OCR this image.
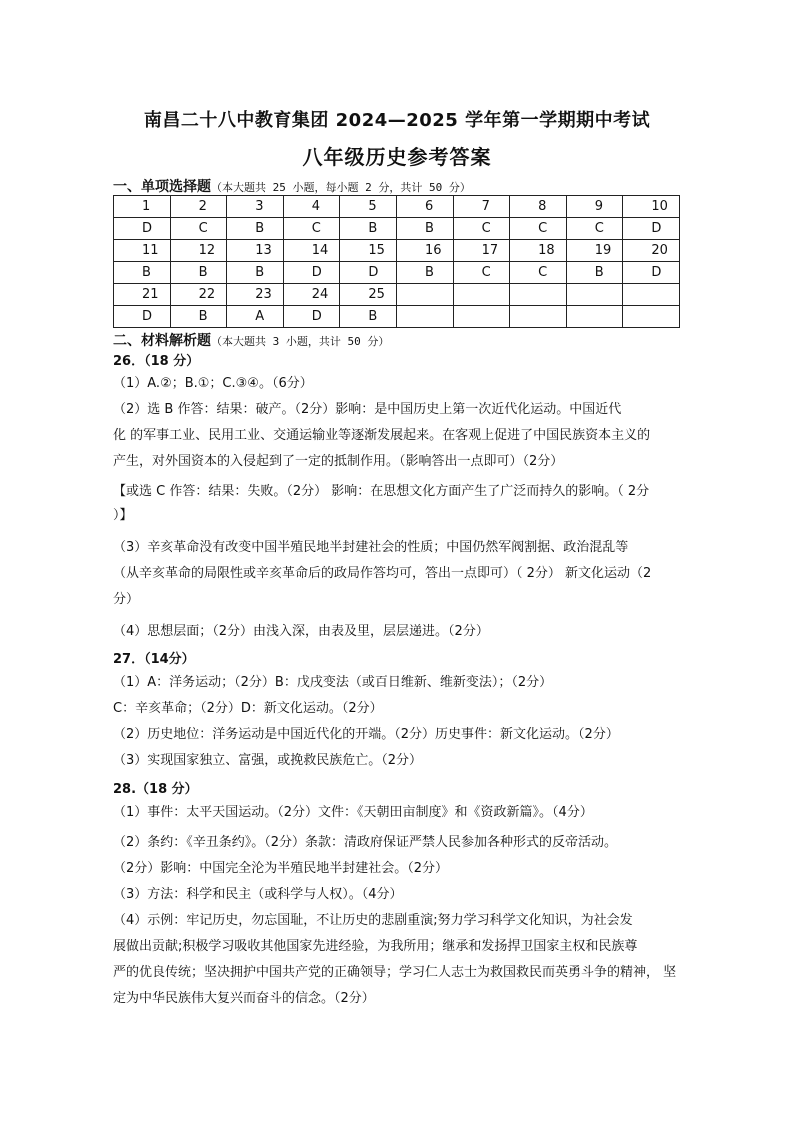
南昌二十八中教育集团 2024—2025 学年第一学期期中考试
八年级历史参考答案
一、单项选择题（本大题共 25 小题，每小题 2 分，共计 50 分）
1	2	3	4	5	6	7	8	9	10
D	C	B	C	B	B	C	C	C	D
11	12	13	14	15	16	17	18	19	20
B	B	B	D	D	B	C	C	B	D
21	22	23	24	25					
D	B	A	D	B					
二、材料解析题（本大题共 3 小题，共计 50 分）
26．（18 分）
（1）A.②；B.①；C.③④。（6分）
（2）选 B 作答：结果：破产。（2分）影响：是中国历史上第一次近代化运动。中国近代
化 的军事工业、民用工业、交通运输业等逐渐发展起来。在客观上促进了中国民族资本主义的
产生，对外国资本的入侵起到了一定的抵制作用。（影响答出一点即可）（2分）
【或选 C 作答：结果：失败。（2分） 影响：在思想文化方面产生了广泛而持久的影响。（ 2分
）】
（3）辛亥革命没有改变中国半殖民地半封建社会的性质；中国仍然军阀割据、政治混乱等
（从辛亥革命的局限性或辛亥革命后的政局作答均可，答出一点即可）（ 2分） 新文化运动（2
分）
（4）思想层面；（2分）由浅入深，由表及里，层层递进。（2分）
27．（14分）
（1）A：洋务运动；（2分）B：戊戌变法（或百日维新、维新变法）；（2分）
C：辛亥革命；（2分）D：新文化运动。（2分）
（2）历史地位：洋务运动是中国近代化的开端。（2分）历史事件：新文化运动。（2分）
（3）实现国家独立、富强，或挽救民族危亡。（2分）
28.（18 分）
（1）事件：太平天国运动。（2分）文件：《天朝田亩制度》和《资政新篇》。（4分）
（2）条约：《辛丑条约》。（2分）条款：清政府保证严禁人民参加各种形式的反帝活动。
（2分）影响：中国完全沦为半殖民地半封建社会。（2分）
（3）方法：科学和民主（或科学与人权）。（4分）
（4）示例：牢记历史，勿忘国耻，不让历史的悲剧重演;努力学习科学文化知识，为社会发
展做出贡献;积极学习吸收其他国家先进经验，为我所用；继承和发扬捍卫国家主权和民族尊
严的优良传统；坚决拥护中国共产党的正确领导；学习仁人志士为救国救民而英勇斗争的精神， 坚
定为中华民族伟大复兴而奋斗的信念。（2分）
